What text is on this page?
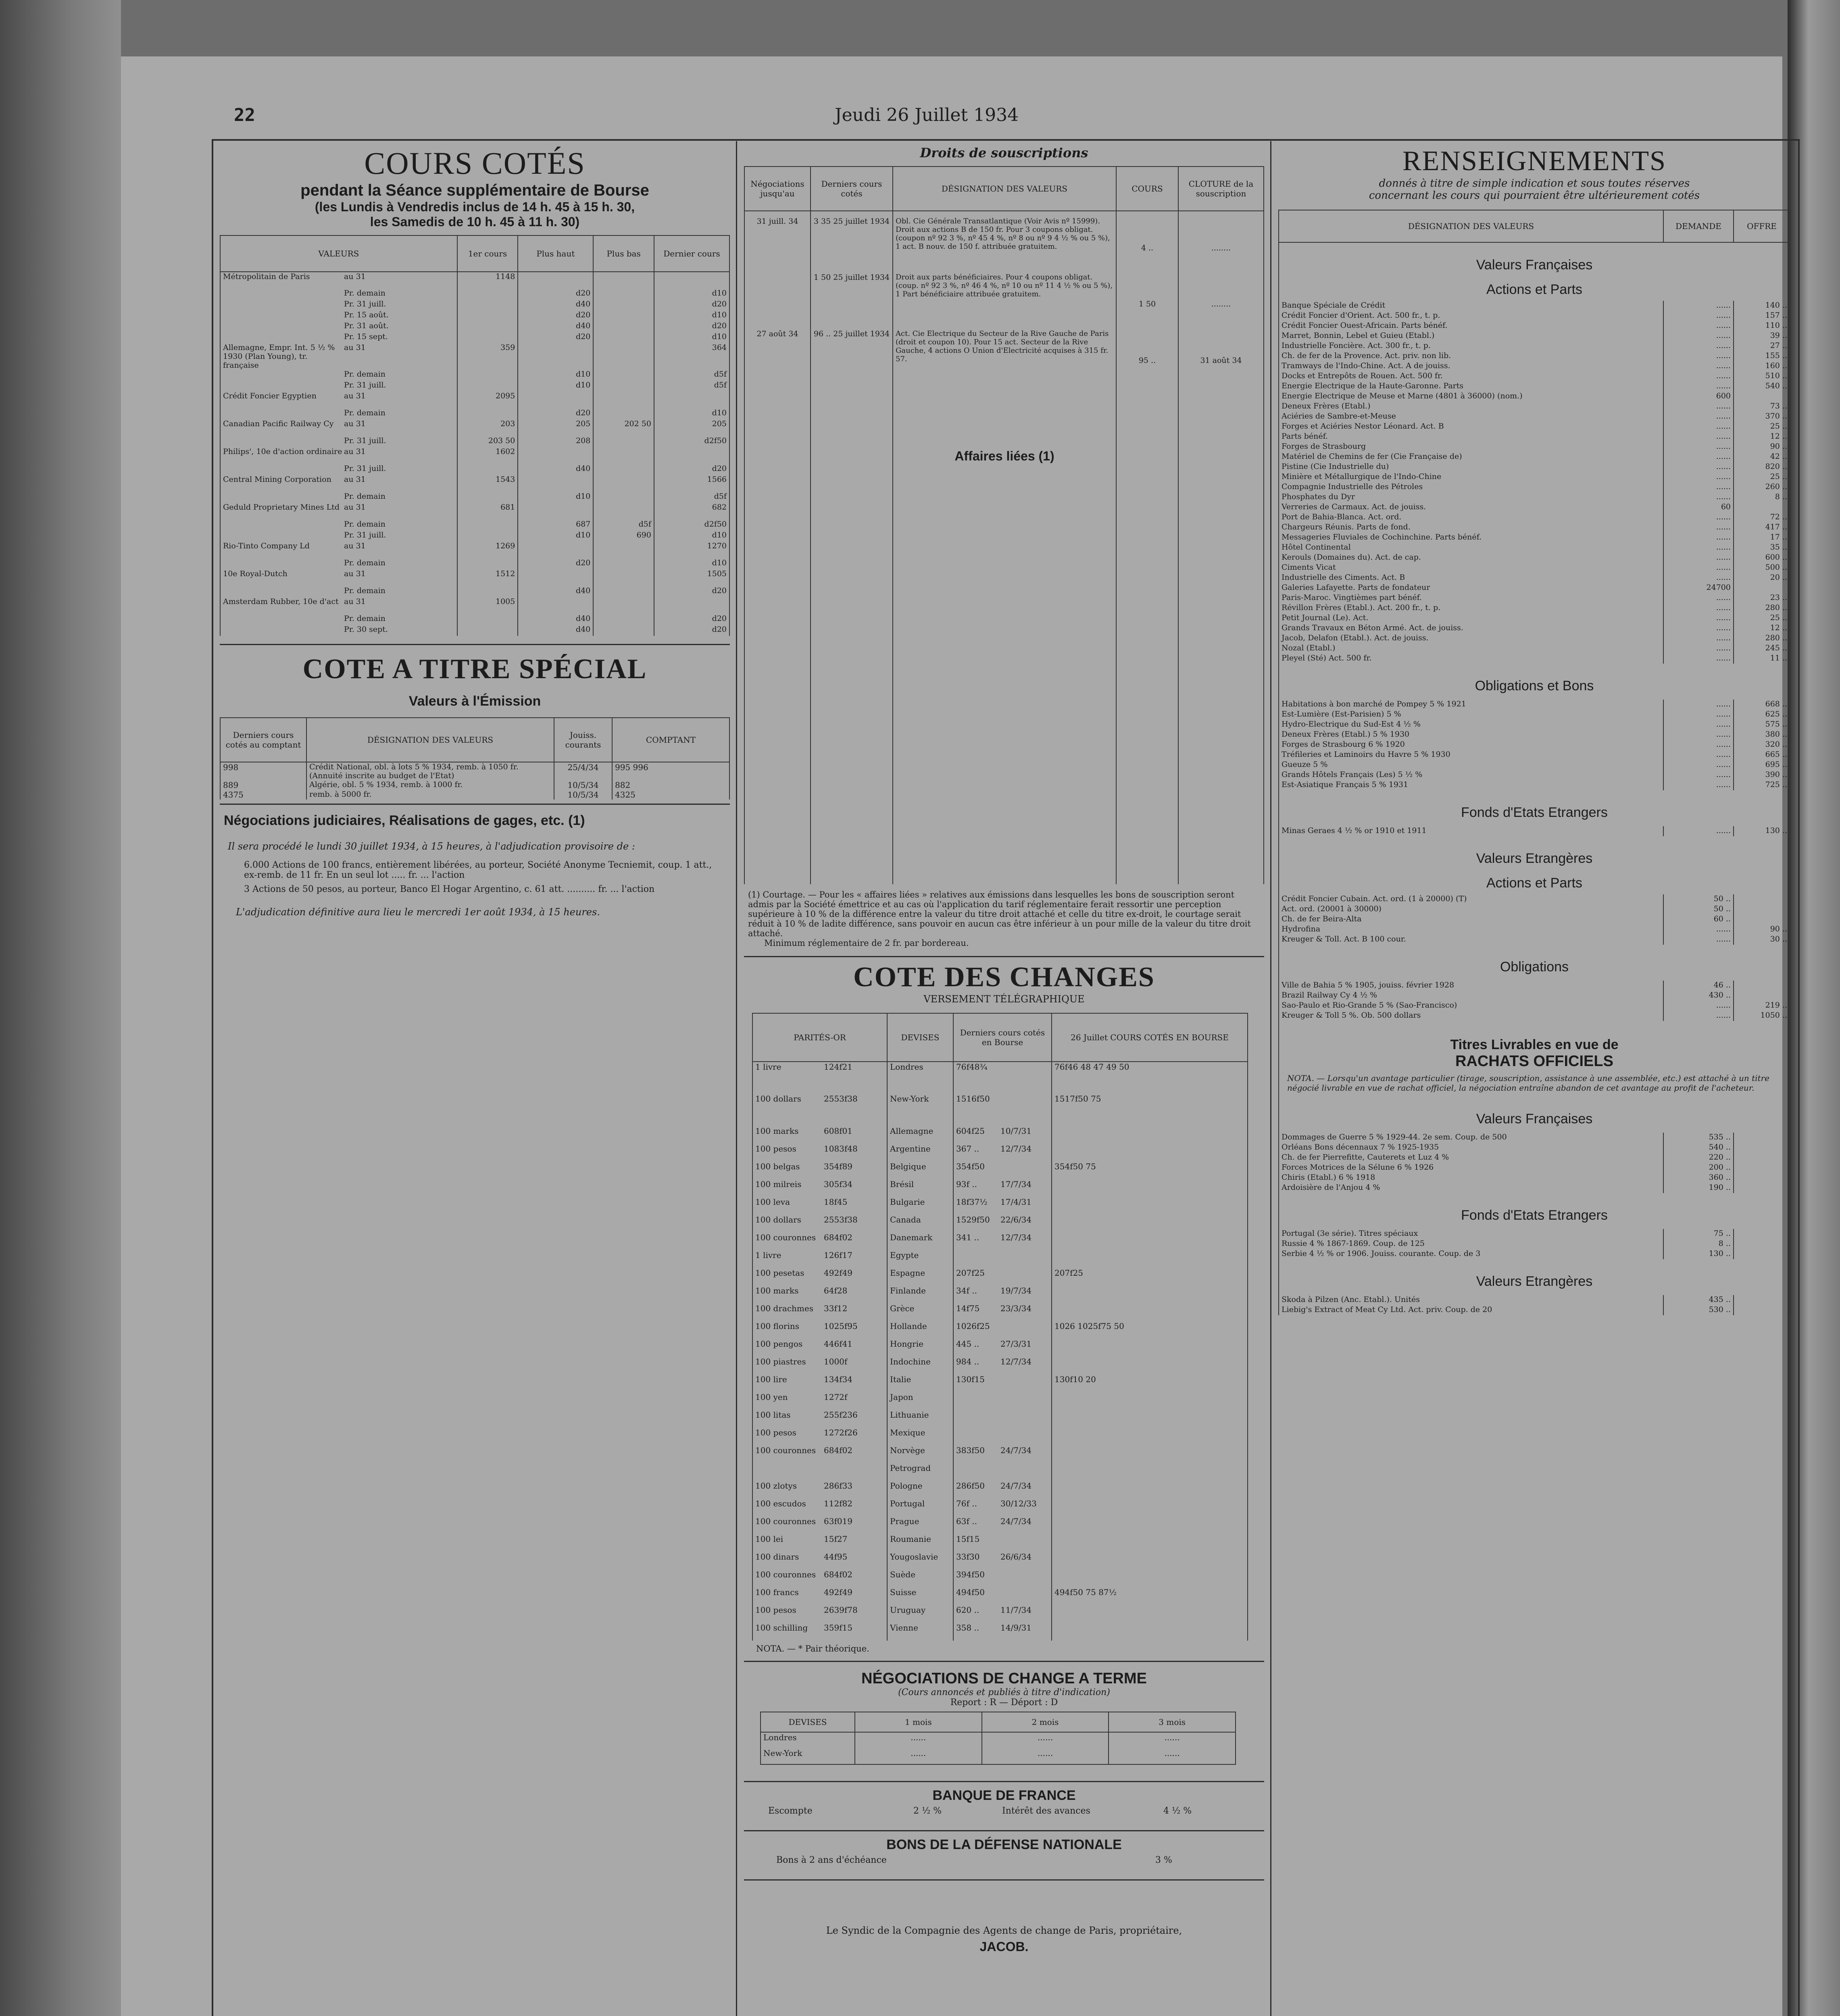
22	Jeudi 26 Juillet 1934
COURS COTÉS
pendant la Séance supplémentaire de Bourse
(les Lundis à Vendredis inclus de 14 h. 45 à 15 h. 30,
les Samedis de 10 h. 45 à 11 h. 30)
VALEURS	1er cours	Plus haut	Plus bas	Dernier cours
Métropolitain de Paris au 31	1148			
Pr. demain		d20		d10
Pr. 31 juill.		d40		d20
Pr. 15 août.		d20		d10
Pr. 31 août.		d40		d20
Pr. 15 sept.		d20		d10
Allemagne, Empr. Int. 5 ½ % 1930 (Plan Young), tr. françaiseau 31	359			364
Pr. demain		d10		d5f
Pr. 31 juill.		d10		d5f
Crédit Foncier Egyptien au 31	2095			
Pr. demain		d20		d10
Canadian Pacific Railway Cy au 31	203	205	202 50	205
Pr. 31 juill.	203 50	208		d2f50
Philips', 10e d'action ordinaire au 31	1602			
Pr. 31 juill.		d40		d20
Central Mining Corporation au 31	1543			1566
Pr. demain		d10		d5f
Geduld Proprietary Mines Ltd au 31	681			682
Pr. demain		687	d5f	d2f50
Pr. 31 juill.		d10	690	d10
Rio-Tinto Company Ld au 31	1269			1270
Pr. demain		d20		d10
10e Royal-Dutch au 31	1512			1505
Pr. demain		d40		d20
Amsterdam Rubber, 10e d'act au 31	1005			
Pr. demain		d40		d20
Pr. 30 sept.		d40		d20
COTE A TITRE SPÉCIAL
Valeurs à l'Émission
Derniers cours cotés au comptant	DÉSIGNATION DES VALEURS	Jouiss. courants	COMPTANT
998	Crédit National, obl. à lots 5 % 1934, remb. à 1050 fr. (Annuité inscrite au budget de l'Etat)	25/4/34	995 996
889	Algérie, obl. 5 % 1934, remb. à 1000 fr.	10/5/34	882
4375	remb. à 5000 fr.	10/5/34	4325
Négociations judiciaires, Réalisations de gages, etc. (1)
Il sera procédé le lundi 30 juillet 1934, à 15 heures, à l'adjudication provisoire de :
6.000 Actions de 100 francs, entièrement libérées, au porteur, Société Anonyme Tecniemit, coup. 1 att., ex-remb. de 11 fr. En un seul lot ..... fr. ... l'action
3 Actions de 50 pesos, au porteur, Banco El Hogar Argentino, c. 61 att. .......... fr. ... l'action
L'adjudication définitive aura lieu le mercredi 1er août 1934, à 15 heures.
Droits de souscriptions
Négociations jusqu'au	Derniers cours cotés	DÉSIGNATION DES VALEURS	COURS	CLOTURE de la souscription
31 juill. 34	3 35 25 juillet 1934	Obl. Cie Générale Transatlantique (Voir Avis nº 15999). Droit aux actions B de 150 fr. Pour 3 coupons obligat. (coupon nº 92 3 %, nº 45 4 %, nº 8 ou nº 9 4 ½ % ou 5 %), 1 act. B nouv. de 150 f. attribuée gratuitem.	4 ..	........
	1 50 25 juillet 1934	Droit aux parts bénéficiaires. Pour 4 coupons obligat. (coup. nº 92 3 %, nº 46 4 %, nº 10 ou nº 11 4 ½ % ou 5 %), 1 Part bénéficiaire attribuée gratuitem.	1 50	........
27 août 34	96 .. 25 juillet 1934	Act. Cie Electrique du Secteur de la Rive Gauche de Paris (droit et coupon 10). Pour 15 act. Secteur de la Rive Gauche, 4 actions O Union d'Electricité acquises à 315 fr. 57.	95 ..	31 août 34

		Affaires liées (1)		

(1) Courtage. — Pour les « affaires liées » relatives aux émissions dans lesquelles les bons de souscription seront admis par la Société émettrice et au cas où l'application du tarif réglementaire ferait ressortir une perception supérieure à 10 % de la différence entre la valeur du titre droit attaché et celle du titre ex-droit, le courtage serait réduit à 10 % de ladite différence, sans pouvoir en aucun cas être inférieur à un pour mille de la valeur du titre droit attaché.
Minimum réglementaire de 2 fr. par bordereau.
COTE DES CHANGES
VERSEMENT TÉLÉGRAPHIQUE
PARITÉS-OR	DEVISES	Derniers cours cotés en Bourse	26 Juillet COURS COTÉS EN BOURSE
1 livre 124f21	Londres	76f48¾	76f46 48 47 49 50
100 dollars 2553f38	New-York	1516f50	1517f50 75
100 marks 608f01	Allemagne	604f25 10/7/31	
100 pesos 1083f48	Argentine	367 .. 12/7/34	
100 belgas 354f89	Belgique	354f50	354f50 75
100 milreis 305f34	Brésil	93f .. 17/7/34	
100 leva 18f45	Bulgarie	18f37½ 17/4/31	
100 dollars 2553f38	Canada	1529f50 22/6/34	
100 couronnes 684f02	Danemark	341 .. 12/7/34	
1 livre 126f17	Egypte		
100 pesetas 492f49	Espagne	207f25	207f25
100 marks 64f28	Finlande	34f .. 19/7/34	
100 drachmes 33f12	Grèce	14f75 23/3/34	
100 florins 1025f95	Hollande	1026f25	1026 1025f75 50
100 pengos 446f41	Hongrie	445 .. 27/3/31	
100 piastres 1000f	Indochine	984 .. 12/7/34	
100 lire 134f34	Italie	130f15	130f10 20
100 yen 1272f	Japon		
100 litas 255f236	Lithuanie		
100 pesos 1272f26	Mexique		
100 couronnes 684f02	Norvège	383f50 24/7/34	
	Petrograd		
100 zlotys 286f33	Pologne	286f50 24/7/34	
100 escudos 112f82	Portugal	76f .. 30/12/33	
100 couronnes 63f019	Prague	63f .. 24/7/34	
100 lei 15f27	Roumanie	15f15	
100 dinars 44f95	Yougoslavie	33f30 26/6/34	
100 couronnes 684f02	Suède	394f50	
100 francs 492f49	Suisse	494f50	494f50 75 87½
100 pesos 2639f78	Uruguay	620 .. 11/7/34	
100 schilling 359f15	Vienne	358 .. 14/9/31	
NOTA. — * Pair théorique.
NÉGOCIATIONS DE CHANGE A TERME
(Cours annoncés et publiés à titre d'indication)
Report : R — Déport : D
DEVISES	1 mois	2 mois	3 mois
Londres	......	......	......
New-York	......	......	......
BANQUE DE FRANCE
Escompte	2 ½ %	Intérêt des avances	4 ½ %
BONS DE LA DÉFENSE NATIONALE
Bons à 2 ans d'échéance	3 %
Le Syndic de la Compagnie des Agents de change de Paris, propriétaire,
JACOB.
RENSEIGNEMENTS
donnés à titre de simple indication et sous toutes réserves
concernant les cours qui pourraient être ultérieurement cotés
DÉSIGNATION DES VALEURS	DEMANDE	OFFRE
Valeurs Françaises		
Actions et Parts		
Banque Spéciale de Crédit	......	140 ..
Crédit Foncier d'Orient. Act. 500 fr., t. p.	......	157 ..
Crédit Foncier Ouest-Africain. Parts bénéf.	......	110 ..
Marret, Bonnin, Lebel et Guieu (Etabl.)	......	39 ..
Industrielle Foncière. Act. 300 fr., t. p.	......	27 ..
Ch. de fer de la Provence. Act. priv. non lib.	......	155 ..
Tramways de l'Indo-Chine. Act. A de jouiss.	......	160 ..
Docks et Entrepôts de Rouen. Act. 500 fr.	......	510 ..
Energie Electrique de la Haute-Garonne. Parts	......	540 ..
Energie Electrique de Meuse et Marne (4801 à 36000) (nom.)	600	
Deneux Frères (Etabl.)	......	73 ..
Aciéries de Sambre-et-Meuse	......	370 ..
Forges et Aciéries Nestor Léonard. Act. B	......	25 ..
Parts bénéf.	......	12 ..
Forges de Strasbourg	......	90 ..
Matériel de Chemins de fer (Cie Française de)	......	42 ..
Pistine (Cie Industrielle du)	......	820 ..
Minière et Métallurgique de l'Indo-Chine	......	25 ..
Compagnie Industrielle des Pétroles	......	260 ..
Phosphates du Dyr	......	8 ..
Verreries de Carmaux. Act. de jouiss.	60	
Port de Bahia-Blanca. Act. ord.	......	72 ..
Chargeurs Réunis. Parts de fond.	......	417 ..
Messageries Fluviales de Cochinchine. Parts bénéf.	......	17 ..
Hôtel Continental	......	35 ..
Kerouls (Domaines du). Act. de cap.	......	600 ..
Ciments Vicat	......	500 ..
Industrielle des Ciments. Act. B	......	20 ..
Galeries Lafayette. Parts de fondateur	24700	
Paris-Maroc. Vingtièmes part bénéf.	......	23 ..
Révillon Frères (Etabl.). Act. 200 fr., t. p.	......	280 ..
Petit Journal (Le). Act.	......	25 ..
Grands Travaux en Béton Armé. Act. de jouiss.	......	12 ..
Jacob, Delafon (Etabl.). Act. de jouiss.	......	280 ..
Nozal (Etabl.)	......	245 ..
Pleyel (Sté) Act. 500 fr.	......	11 ..
Obligations et Bons		
Habitations à bon marché de Pompey 5 % 1921	......	668 ..
Est-Lumière (Est-Parisien) 5 %	......	625 ..
Hydro-Electrique du Sud-Est 4 ½ %	......	575 ..
Deneux Frères (Etabl.) 5 % 1930	......	380 ..
Forges de Strasbourg 6 % 1920	......	320 ..
Tréfileries et Laminoirs du Havre 5 % 1930	......	665 ..
Gueuze 5 %	......	695 ..
Grands Hôtels Français (Les) 5 ½ %	......	390 ..
Est-Asiatique Français 5 % 1931	......	725 ..
Fonds d'Etats Etrangers		
Minas Geraes 4 ½ % or 1910 et 1911	......	130 ..
Valeurs Etrangères		
Actions et Parts		
Crédit Foncier Cubain. Act. ord. (1 à 20000) (T)	50 ..	
Act. ord. (20001 à 30000)	50 ..	
Ch. de fer Beira-Alta	60 ..	
Hydrofina	......	90 ..
Kreuger & Toll. Act. B 100 cour.	......	30 ..
Obligations		
Ville de Bahia 5 % 1905, jouiss. février 1928	46 ..	
Brazil Railway Cy 4 ½ %	430 ..	
Sao-Paulo et Rio-Grande 5 % (Sao-Francisco)	......	219 ..
Kreuger & Toll 5 %. Ob. 500 dollars	......	1050 ..

Titres Livrables en vue de
RACHATS OFFICIELS
NOTA. — Lorsqu'un avantage particulier (tirage, souscription, assistance à une assemblée, etc.) est attaché à un titre négocié livrable en vue de rachat officiel, la négociation entraîne abandon de cet avantage au profit de l'acheteur.		

Valeurs Françaises		
Dommages de Guerre 5 % 1929-44. 2e sem. Coup. de 500	535 ..	
Orléans Bons décennaux 7 % 1925-1935	540 ..	
Ch. de fer Pierrefitte, Cauterets et Luz 4 %	220 ..	
Forces Motrices de la Sélune 6 % 1926	200 ..	
Chiris (Etabl.) 6 % 1918	360 ..	
Ardoisière de l'Anjou 4 %	190 ..	
Fonds d'Etats Etrangers		
Portugal (3e série). Titres spéciaux	75 ..	
Russie 4 % 1867-1869. Coup. de 125	8 ..	
Serbie 4 ½ % or 1906. Jouiss. courante. Coup. de 3	130 ..	
Valeurs Etrangères		
Skoda à Pilzen (Anc. Etabl.). Unités	435 ..	
Liebig's Extract of Meat Cy Ltd. Act. priv. Coup. de 20	530 ..	
